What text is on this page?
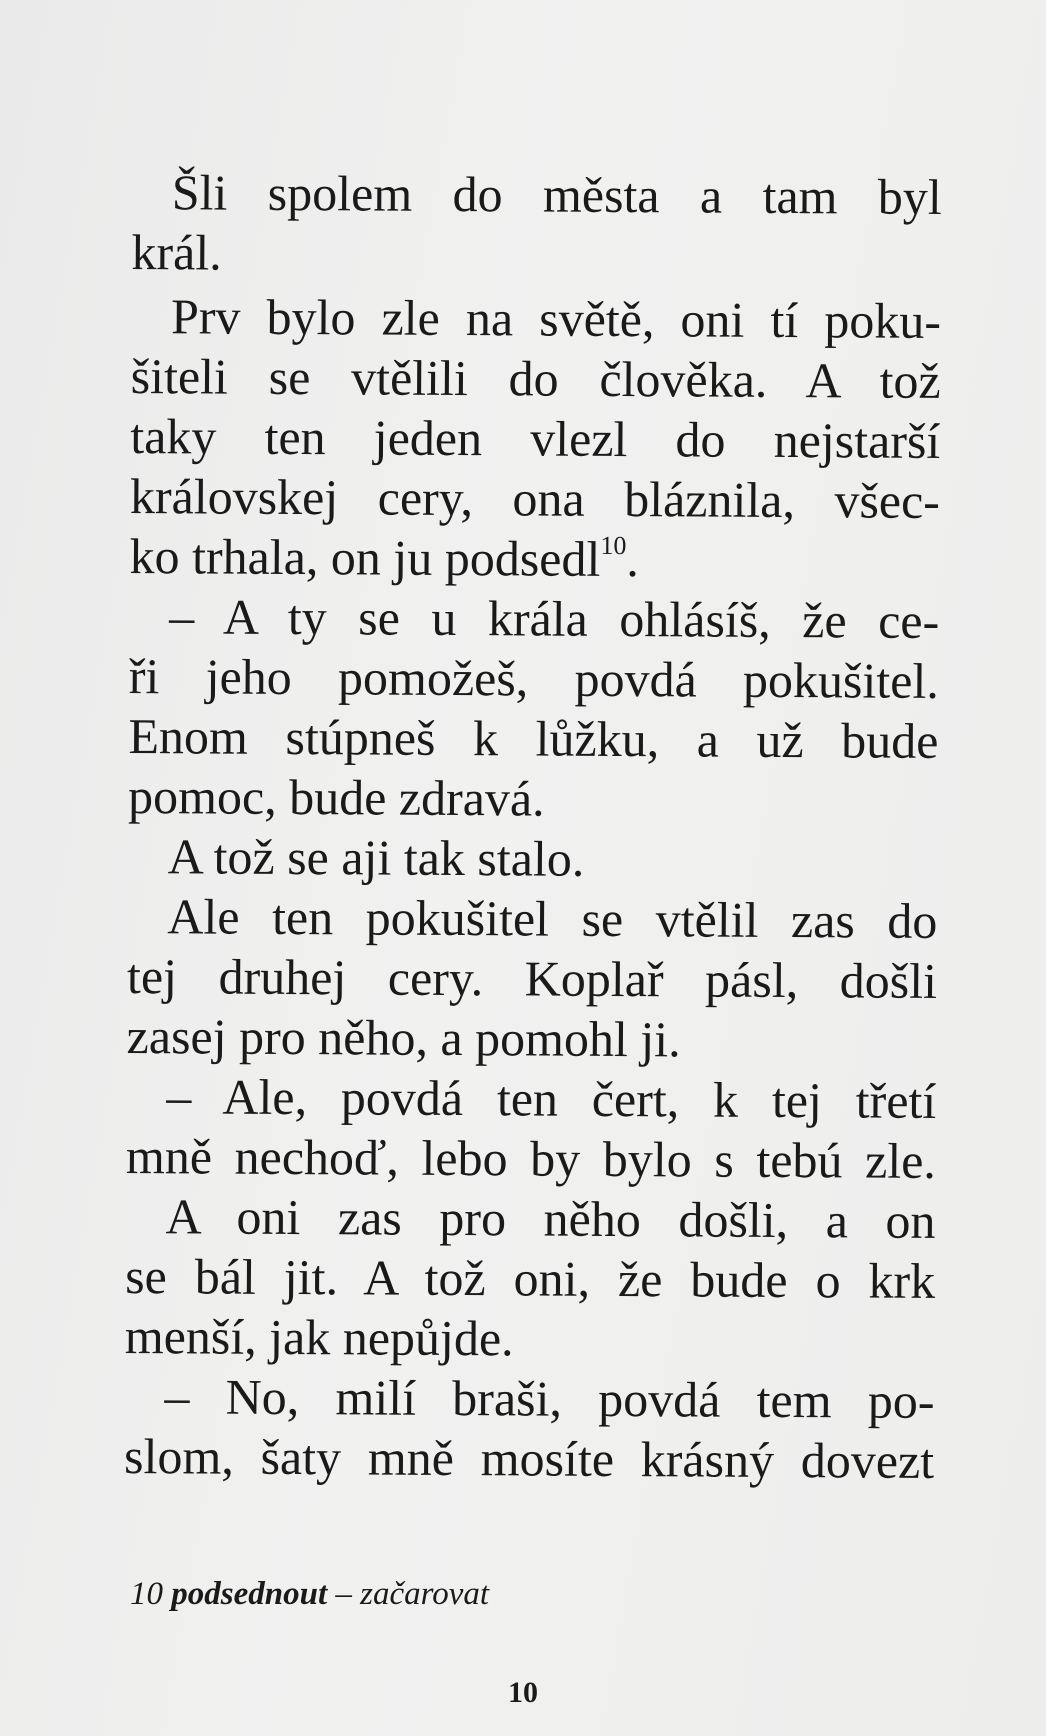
Šli spolem do města a tam byl
král.
Prv bylo zle na světě, oni tí poku-
šiteli se vtělili do člověka. A tož
taky ten jeden vlezl do nejstarší
královskej cery, ona bláznila, všec-
ko trhala, on ju podsedl$^{10}$.
– A ty se u krála ohlásíš, že ce-
ři jeho pomožeš, povdá pokušitel.
Enom stúpneš k lůžku, a už bude
pomoc, bude zdravá.
A tož se aji tak stalo.
Ale ten pokušitel se vtělil zas do
tej druhej cery. Koplař pásl, došli
zasej pro něho, a pomohl ji.
– Ale, povdá ten čert, k tej třetí
mně nechoď, lebo by bylo s tebú zle.
A oni zas pro něho došli, a on
se bál jit. A tož oni, že bude o krk
menší, jak nepůjde.
– No, milí braši, povdá tem po-
slom, šaty mně mosíte krásný dovezt
10 podsednout – začarovat
10
